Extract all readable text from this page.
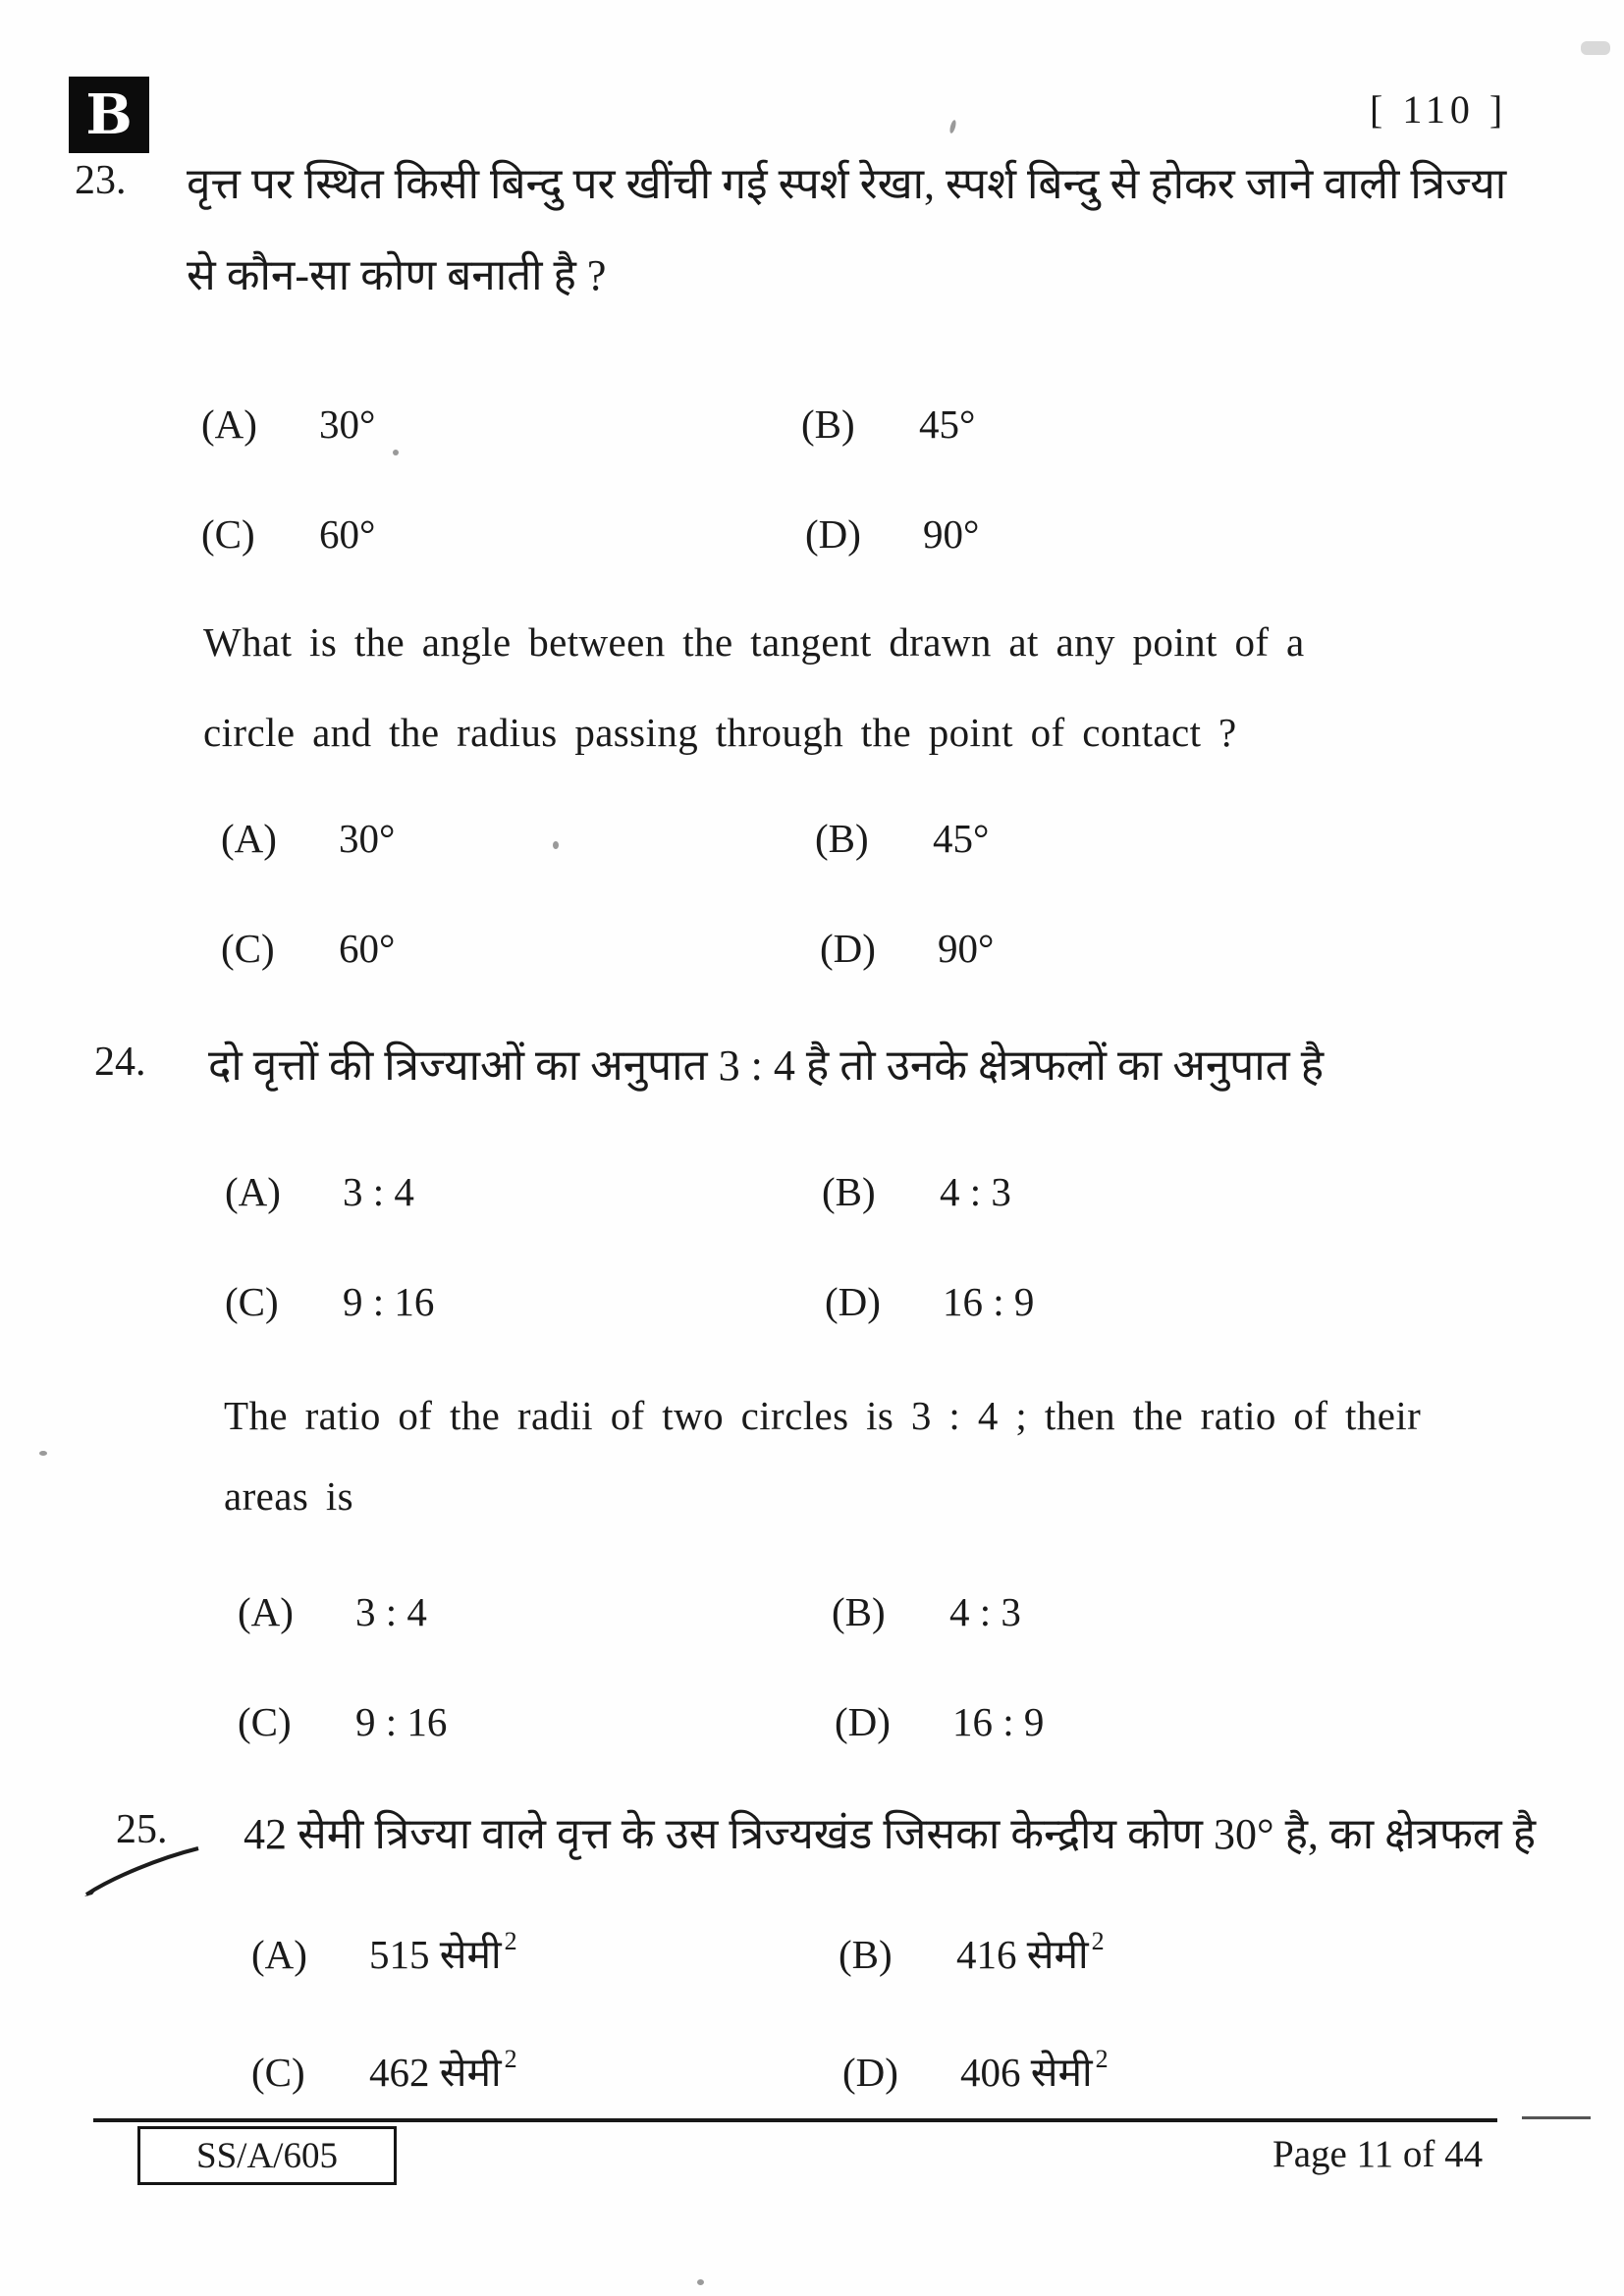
B	[ 110 ]
23. वृत्त पर स्थित किसी बिन्दु पर खींची गई स्पर्श रेखा, स्पर्श बिन्दु से होकर जाने वाली त्रिज्या
से कौन-सा कोण बनाती है ?
(A)	30°	(B)	45°
(C)	60°	(D)	90°
What is the angle between the tangent drawn at any point of a
circle and the radius passing through the point of contact ?
(A)	30°	(B)	45°
(C)	60°	(D)	90°
24. दो वृत्तों की त्रिज्याओं का अनुपात 3 : 4 है तो उनके क्षेत्रफलों का अनुपात है
(A)	3 : 4	(B)	4 : 3
(C)	9 : 16	(D)	16 : 9
The ratio of the radii of two circles is 3 : 4 ; then the ratio of their
areas is
(A)	3 : 4	(B)	4 : 3
(C)	9 : 16	(D)	16 : 9
25. 42 सेमी त्रिज्या वाले वृत्त के उस त्रिज्यखंड जिसका केन्द्रीय कोण 30° है, का क्षेत्रफल है
(A)	515 सेमी $^2$	(B)	416 सेमी $^2$
(C)	462 सेमी $^2$	(D)	406 सेमी $^2$
SS/A/605	Page 11 of 44
